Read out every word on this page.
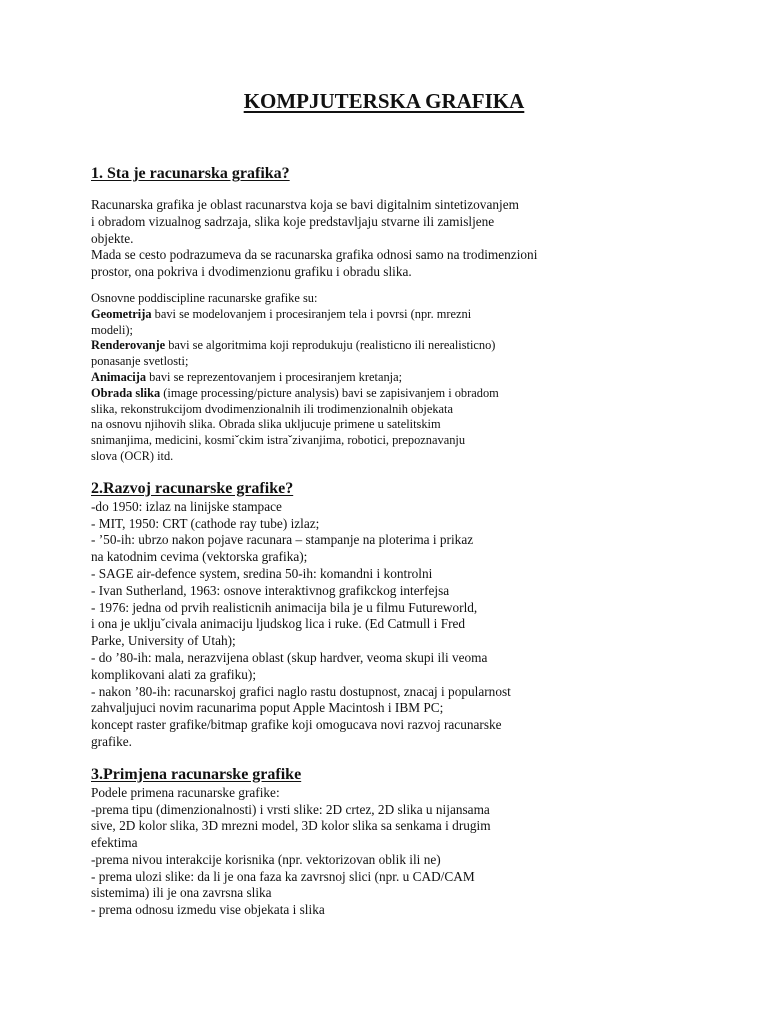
KOMPJUTERSKA GRAFIKA
1. Sta je racunarska grafika?

Racunarska grafika je oblast racunarstva koja se bavi digitalnim sintetizovanjem
i obradom vizualnog sadrzaja, slika koje predstavljaju stvarne ili zamisljene
objekte.
Mada se cesto podrazumeva da se racunarska grafika odnosi samo na trodimenzioni
prostor, ona pokriva i dvodimenzionu grafiku i obradu slika.

Osnovne poddiscipline racunarske grafike su:
Geometrija bavi se modelovanjem i procesiranjem tela i povrsi (npr. mrezni
modeli);
Renderovanje bavi se algoritmima koji reprodukuju (realisticno ili nerealisticno)
ponasanje svetlosti;
Animacija bavi se reprezentovanjem i procesiranjem kretanja;
Obrada slika (image processing/picture analysis) bavi se zapisivanjem i obradom
slika, rekonstrukcijom dvodimenzionalnih ili trodimenzionalnih objekata
na osnovu njihovih slika. Obrada slika ukljucuje primene u satelitskim
snimanjima, medicini, kosmiˇckim istraˇzivanjima, robotici, prepoznavanju
slova (OCR) itd.

2.Razvoj racunarske grafike?

-do 1950: izlaz na linijske stampace
- MIT, 1950: CRT (cathode ray tube) izlaz;
- ’50-ih: ubrzo nakon pojave racunara – stampanje na ploterima i prikaz
na katodnim cevima (vektorska grafika);
- SAGE air-defence system, sredina 50-ih: komandni i kontrolni
- Ivan Sutherland, 1963: osnove interaktivnog grafikckog interfejsa
- 1976: jedna od prvih realisticnih animacija bila je u filmu Futureworld,
i ona je ukljuˇcivala animaciju ljudskog lica i ruke. (Ed Catmull i Fred
Parke, University of Utah);
- do ’80-ih: mala, nerazvijena oblast (skup hardver, veoma skupi ili veoma
komplikovani alati za grafiku);
- nakon ’80-ih: racunarskoj grafici naglo rastu dostupnost, znacaj i popularnost
zahvaljujuci novim racunarima poput Apple Macintosh i IBM PC;
koncept raster grafike/bitmap grafike koji omogucava novi razvoj racunarske
grafike.

3.Primjena racunarske grafike

Podele primena racunarske grafike:
-prema tipu (dimenzionalnosti) i vrsti slike: 2D crtez, 2D slika u nijansama
sive, 2D kolor slika, 3D mrezni model, 3D kolor slika sa senkama i drugim
efektima
-prema nivou interakcije korisnika (npr. vektorizovan oblik ili ne)
- prema ulozi slike: da li je ona faza ka zavrsnoj slici (npr. u CAD/CAM
sistemima) ili je ona zavrsna slika
- prema odnosu izmedu vise objekata i slika
